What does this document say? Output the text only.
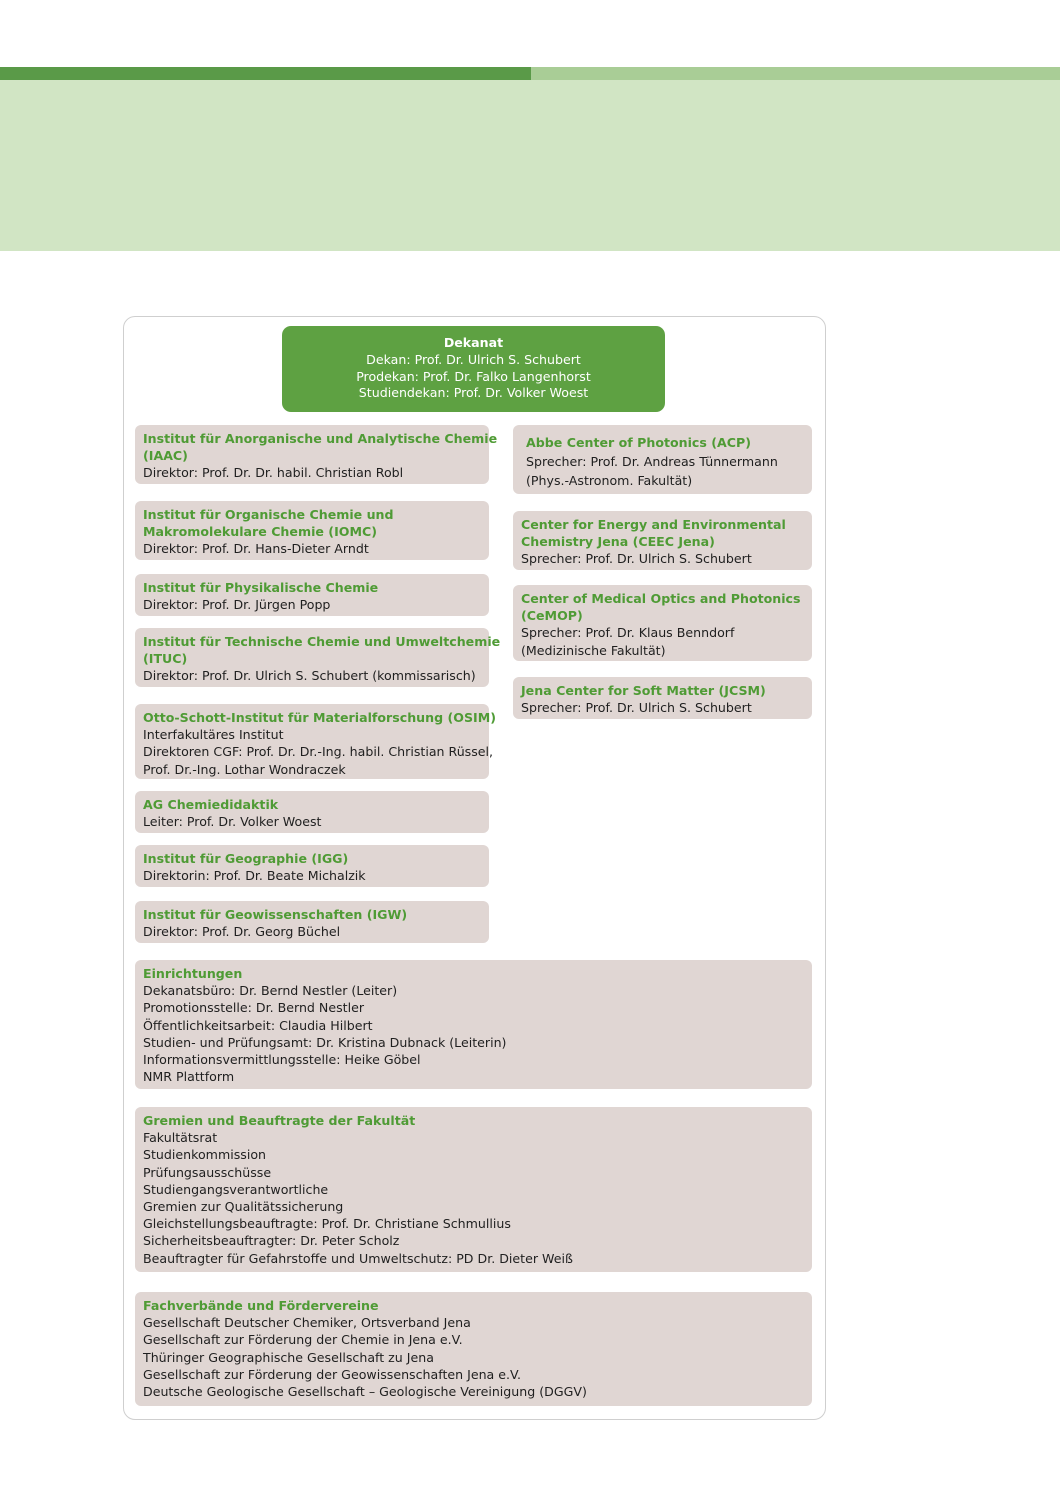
Dekanat
Dekan: Prof. Dr. Ulrich S. Schubert
Prodekan: Prof. Dr. Falko Langenhorst
Studiendekan: Prof. Dr. Volker Woest
Institut für Anorganische und Analytische Chemie
(IAAC)
Direktor: Prof. Dr. Dr. habil. Christian Robl
Institut für Organische Chemie und
Makromolekulare Chemie (IOMC)
Direktor: Prof. Dr. Hans-Dieter Arndt
Institut für Physikalische Chemie
Direktor: Prof. Dr. Jürgen Popp
Institut für Technische Chemie und Umweltchemie
(ITUC)
Direktor: Prof. Dr. Ulrich S. Schubert (kommissarisch)
Otto-Schott-Institut für Materialforschung (OSIM)
Interfakultäres Institut
Direktoren CGF: Prof. Dr. Dr.-Ing. habil. Christian Rüssel,
Prof. Dr.-Ing. Lothar Wondraczek
AG Chemiedidaktik
Leiter: Prof. Dr. Volker Woest
Institut für Geographie (IGG)
Direktorin: Prof. Dr. Beate Michalzik
Institut für Geowissenschaften (IGW)
Direktor: Prof. Dr. Georg Büchel
Abbe Center of Photonics (ACP)
Sprecher: Prof. Dr. Andreas Tünnermann
(Phys.-Astronom. Fakultät)
Center for Energy and Environmental
Chemistry Jena (CEEC Jena)
Sprecher: Prof. Dr. Ulrich S. Schubert
Center of Medical Optics and Photonics
(CeMOP)
Sprecher: Prof. Dr. Klaus Benndorf
(Medizinische Fakultät)
Jena Center for Soft Matter (JCSM)
Sprecher: Prof. Dr. Ulrich S. Schubert
Einrichtungen
Dekanatsbüro: Dr. Bernd Nestler (Leiter)
Promotionsstelle: Dr. Bernd Nestler
Öffentlichkeitsarbeit: Claudia Hilbert
Studien- und Prüfungsamt: Dr. Kristina Dubnack (Leiterin)
Informationsvermittlungsstelle: Heike Göbel
NMR Plattform
Gremien und Beauftragte der Fakultät
Fakultätsrat
Studienkommission
Prüfungsausschüsse
Studiengangsverantwortliche
Gremien zur Qualitätssicherung
Gleichstellungsbeauftragte: Prof. Dr. Christiane Schmullius
Sicherheitsbeauftragter: Dr. Peter Scholz
Beauftragter für Gefahrstoffe und Umweltschutz: PD Dr. Dieter Weiß
Fachverbände und Fördervereine
Gesellschaft Deutscher Chemiker, Ortsverband Jena
Gesellschaft zur Förderung der Chemie in Jena e.V.
Thüringer Geographische Gesellschaft zu Jena
Gesellschaft zur Förderung der Geowissenschaften Jena e.V.
Deutsche Geologische Gesellschaft – Geologische Vereinigung (DGGV)
